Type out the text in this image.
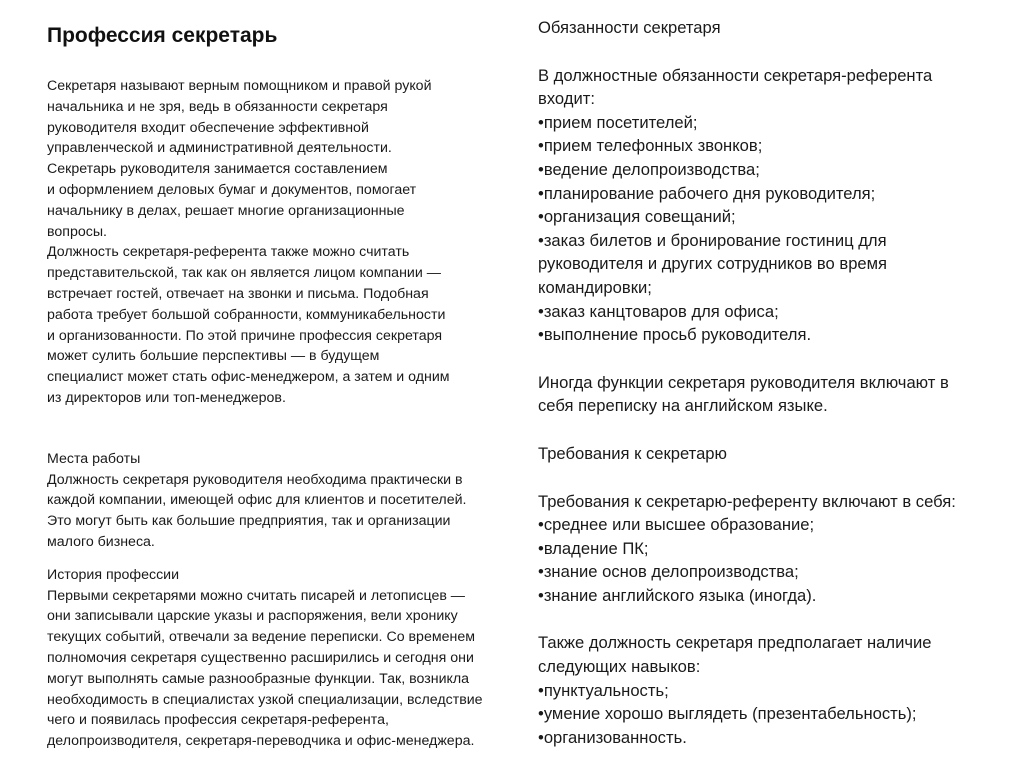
Профессия секретарь

Секретаря называют верным помощником и правой рукой
начальника и не зря, ведь в обязанности секретаря
руководителя входит обеспечение эффективной
управленческой и административной деятельности.
Секретарь руководителя занимается составлением
и оформлением деловых бумаг и документов, помогает
начальнику в делах, решает многие организационные
вопросы.
Должность секретаря-референта также можно считать
представительской, так как он является лицом компании —
встречает гостей, отвечает на звонки и письма. Подобная
работа требует большой собранности, коммуникабельности
и организованности. По этой причине профессия секретаря
может сулить большие перспективы — в будущем
специалист может стать офис-менеджером, а затем и одним
из директоров или топ-менеджеров.

Места работы

Должность секретаря руководителя необходима практически в
каждой компании, имеющей офис для клиентов и посетителей.
Это могут быть как большие предприятия, так и организации
малого бизнеса.

История профессии

Первыми секретарями можно считать писарей и летописцев —
они записывали царские указы и распоряжения, вели хронику
текущих событий, отвечали за ведение переписки. Со временем
полномочия секретаря существенно расширились и сегодня они
могут выполнять самые разнообразные функции. Так, возникла
необходимость в специалистах узкой специализации, вследствие
чего и появилась профессия секретаря-референта,
делопроизводителя, секретаря-переводчика и офис-менеджера.

Обязанности секретаря

В должностные обязанности секретаря-референта
входит:

• прием посетителей;
• прием телефонных звонков;
• ведение делопроизводства;
• планирование рабочего дня руководителя;
• организация совещаний;
• заказ билетов и бронирование гостиниц для
руководителя и других сотрудников во время
командировки;
• заказ канцтоваров для офиса;
• выполнение просьб руководителя.

Иногда функции секретаря руководителя включают в
себя переписку на английском языке.

Требования к секретарю

Требования к секретарю-референту включают в себя:

• среднее или высшее образование;
• владение ПК;
• знание основ делопроизводства;
• знание английского языка (иногда).

Также должность секретаря предполагает наличие
следующих навыков:

• пунктуальность;
• умение хорошо выглядеть (презентабельность);
• организованность.
